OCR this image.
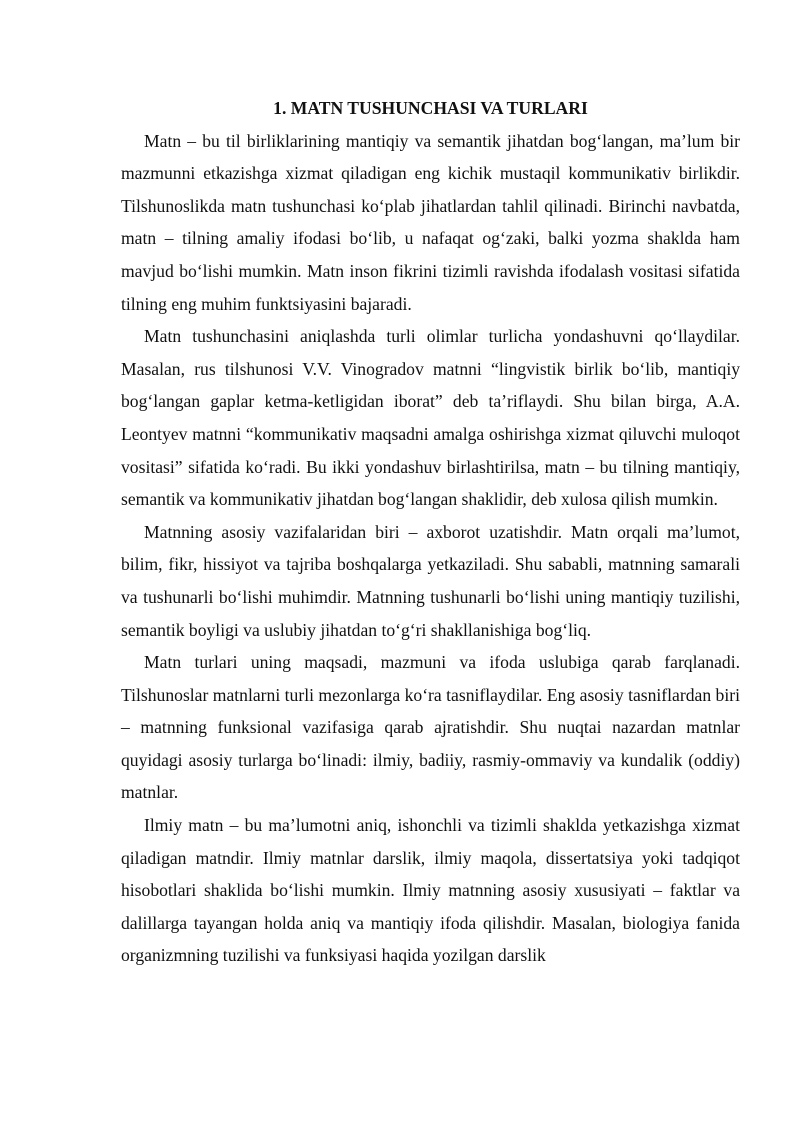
1. MATN TUSHUNCHASI VA TURLARI

Matn – bu til birliklarining mantiqiy va semantik jihatdan bog‘langan, ma’lum bir mazmunni etkazishga xizmat qiladigan eng kichik mustaqil kommunikativ birlikdir. Tilshunoslikda matn tushunchasi ko‘plab jihatlardan tahlil qilinadi. Birinchi navbatda, matn – tilning amaliy ifodasi bo‘lib, u nafaqat og‘zaki, balki yozma shaklda ham mavjud bo‘lishi mumkin. Matn inson fikrini tizimli ravishda ifodalash vositasi sifatida tilning eng muhim funktsiyasini bajaradi.

Matn tushunchasini aniqlashda turli olimlar turlicha yondashuvni qo‘llaydilar. Masalan, rus tilshunosi V.V. Vinogradov matnni “lingvistik birlik bo‘lib, mantiqiy bog‘langan gaplar ketma-ketligidan iborat” deb ta’riflaydi. Shu bilan birga, A.A. Leontyev matnni “kommunikativ maqsadni amalga oshirishga xizmat qiluvchi muloqot vositasi” sifatida ko‘radi. Bu ikki yondashuv birlashtirilsa, matn – bu tilning mantiqiy, semantik va kommunikativ jihatdan bog‘langan shaklidir, deb xulosa qilish mumkin.

Matnning asosiy vazifalaridan biri – axborot uzatishdir. Matn orqali ma’lumot, bilim, fikr, hissiyot va tajriba boshqalarga yetkaziladi. Shu sababli, matnning samarali va tushunarli bo‘lishi muhimdir. Matnning tushunarli bo‘lishi uning mantiqiy tuzilishi, semantik boyligi va uslubiy jihatdan to‘g‘ri shakllanishiga bog‘liq.

Matn turlari uning maqsadi, mazmuni va ifoda uslubiga qarab farqlanadi. Tilshunoslar matnlarni turli mezonlarga ko‘ra tasniflaydilar. Eng asosiy tasniflardan biri – matnning funksional vazifasiga qarab ajratishdir. Shu nuqtai nazardan matnlar quyidagi asosiy turlarga bo‘linadi: ilmiy, badiiy, rasmiy-ommaviy va kundalik (oddiy) matnlar.

Ilmiy matn – bu ma’lumotni aniq, ishonchli va tizimli shaklda yetkazishga xizmat qiladigan matndir. Ilmiy matnlar darslik, ilmiy maqola, dissertatsiya yoki tadqiqot hisobotlari shaklida bo‘lishi mumkin. Ilmiy matnning asosiy xususiyati – faktlar va dalillarga tayangan holda aniq va mantiqiy ifoda qilishdir. Masalan, biologiya fanida organizmning tuzilishi va funksiyasi haqida yozilgan darslik
